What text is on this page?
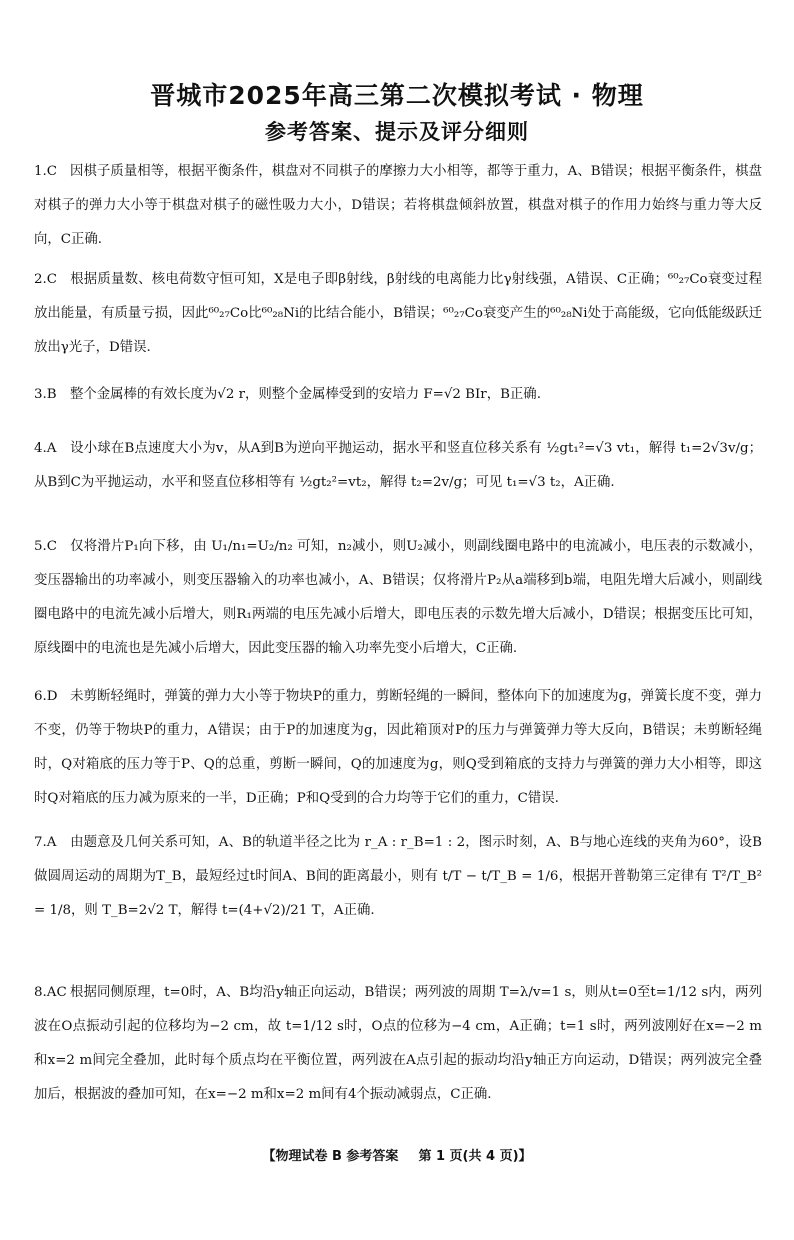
晋城市2025年高三第二次模拟考试 · 物理
参考答案、提示及评分细则
1.C 因棋子质量相等，根据平衡条件，棋盘对不同棋子的摩擦力大小相等，都等于重力，A、B错误；根据平衡条件，棋盘对棋子的弹力大小等于棋盘对棋子的磁性吸力大小，D错误；若将棋盘倾斜放置，棋盘对棋子的作用力始终与重力等大反向，C正确.
2.C 根据质量数、核电荷数守恒可知，X是电子即β射线，β射线的电离能力比γ射线强，A错误、C正确；⁶⁰₂₇Co衰变过程放出能量，有质量亏损，因此⁶⁰₂₇Co比⁶⁰₂₈Ni的比结合能小，B错误；⁶⁰₂₇Co衰变产生的⁶⁰₂₈Ni处于高能级，它向低能级跃迁放出γ光子，D错误.
3.B 整个金属棒的有效长度为√2 r，则整个金属棒受到的安培力 F=√2 BIr，B正确.
4.A 设小球在B点速度大小为v，从A到B为逆向平抛运动，据水平和竖直位移关系有 ½gt₁²=√3 vt₁，解得 t₁=2√3v/g；从B到C为平抛运动，水平和竖直位移相等有 ½gt₂²=vt₂，解得 t₂=2v/g；可见 t₁=√3 t₂，A正确.
5.C 仅将滑片P₁向下移，由 U₁/n₁=U₂/n₂ 可知，n₂减小，则U₂减小，则副线圈电路中的电流减小，电压表的示数减小，变压器输出的功率减小，则变压器输入的功率也减小，A、B错误；仅将滑片P₂从a端移到b端，电阻先增大后减小，则副线圈电路中的电流先减小后增大，则R₁两端的电压先减小后增大，即电压表的示数先增大后减小，D错误；根据变压比可知，原线圈中的电流也是先减小后增大，因此变压器的输入功率先变小后增大，C正确.
6.D 未剪断轻绳时，弹簧的弹力大小等于物块P的重力，剪断轻绳的一瞬间，整体向下的加速度为g，弹簧长度不变，弹力不变，仍等于物块P的重力，A错误；由于P的加速度为g，因此箱顶对P的压力与弹簧弹力等大反向，B错误；未剪断轻绳时，Q对箱底的压力等于P、Q的总重，剪断一瞬间，Q的加速度为g，则Q受到箱底的支持力与弹簧的弹力大小相等，即这时Q对箱底的压力减为原来的一半，D正确；P和Q受到的合力均等于它们的重力，C错误.
7.A 由题意及几何关系可知，A、B的轨道半径之比为 r_A : r_B=1 : 2，图示时刻，A、B与地心连线的夹角为60°，设B做圆周运动的周期为T_B，最短经过t时间A、B间的距离最小，则有 t/T − t/T_B = 1/6，根据开普勒第三定律有 T²/T_B² = 1/8，则 T_B=2√2 T，解得 t=(4+√2)/21 T，A正确.
8.AC 根据同侧原理，t=0时，A、B均沿y轴正向运动，B错误；两列波的周期 T=λ/v=1 s，则从t=0至t=1/12 s内，两列波在O点振动引起的位移均为−2 cm，故 t=1/12 s时，O点的位移为−4 cm，A正确；t=1 s时，两列波刚好在x=−2 m和x=2 m间完全叠加，此时每个质点均在平衡位置，两列波在A点引起的振动均沿y轴正方向运动，D错误；两列波完全叠加后，根据波的叠加可知，在x=−2 m和x=2 m间有4个振动减弱点，C正确.
【物理试卷 B 参考答案 第 1 页(共 4 页)】
